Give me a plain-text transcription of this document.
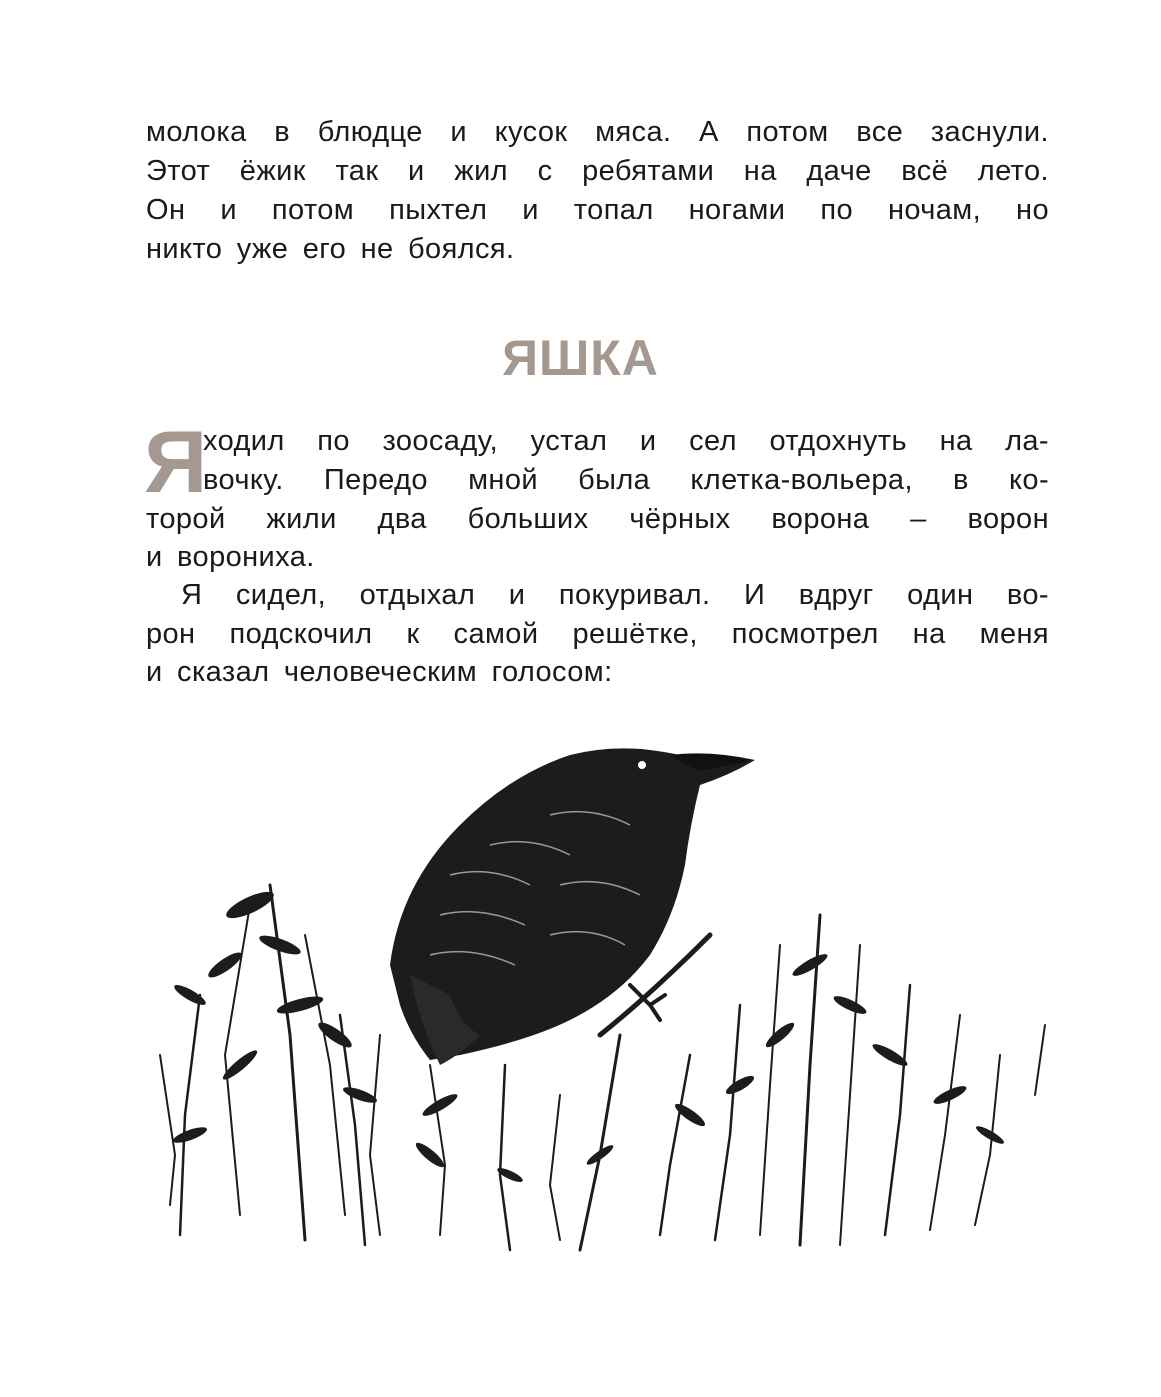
молока в блюдце и кусок мяса. А потом все заснули.
Этот ёжик так и жил с ребятами на даче всё лето.
Он и потом пыхтел и топал ногами по ночам, но
никто уже его не боялся.
ЯШКА
Я
ходил по зоосаду, устал и сел отдохнуть на ла-
вочку. Передо мной была клетка-вольера, в ко-
торой жили два больших чёрных ворона – ворон
и ворониха.
Я сидел, отдыхал и покуривал. И вдруг один во-
рон подскочил к самой решётке, посмотрел на меня
и сказал человеческим голосом:
